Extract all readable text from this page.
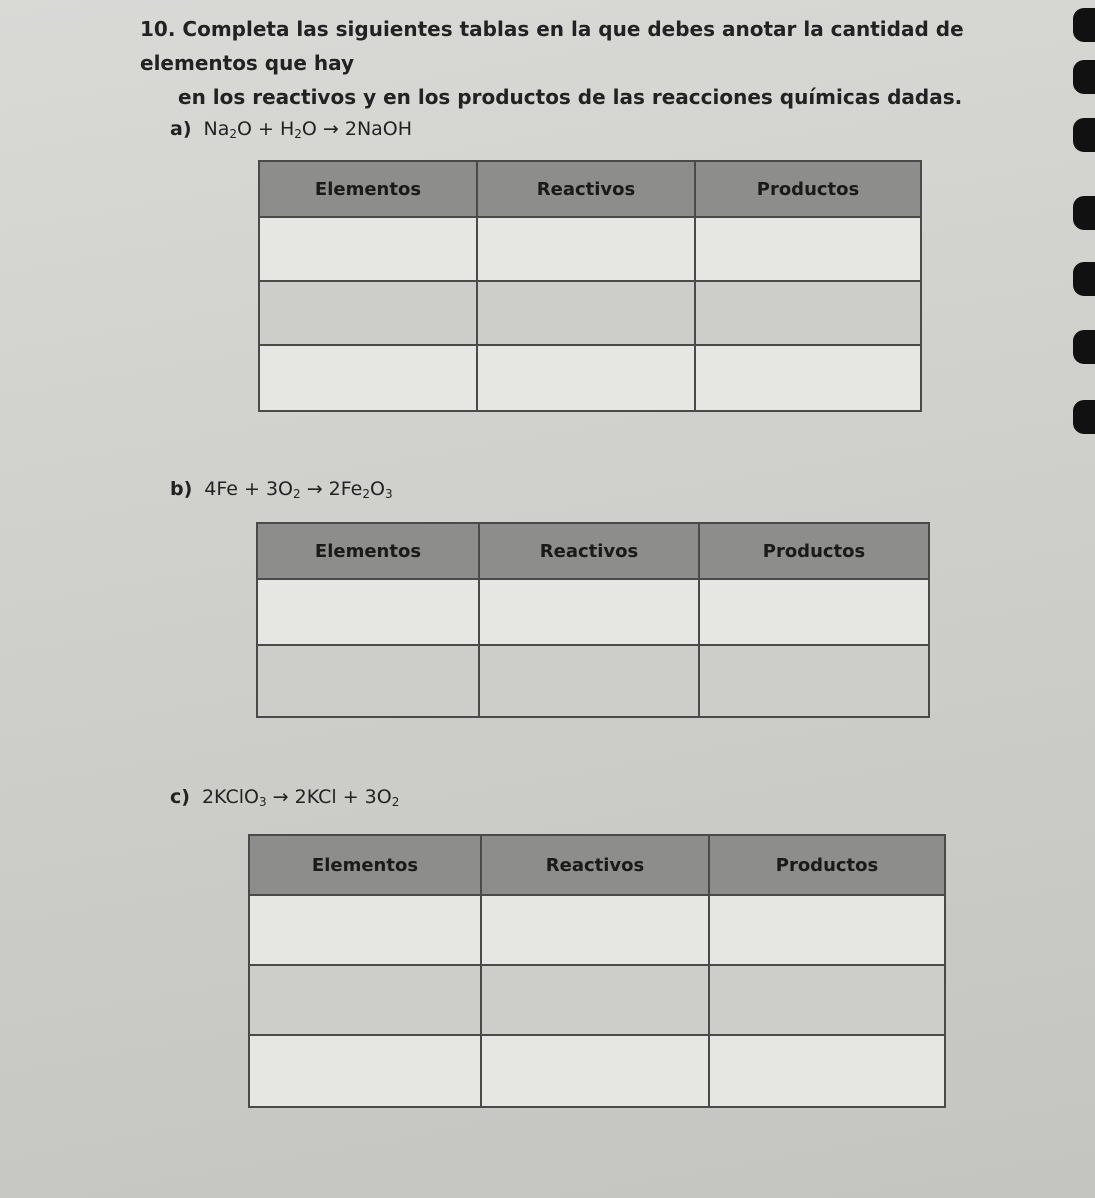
10. Completa las siguientes tablas en la que debes anotar la cantidad de elementos que hay
en los reactivos y en los productos de las reacciones químicas dadas.
a) $Na_2O + H_2O$ → 2NaOH
Elementos	Reactivos	Productos

b) $4Fe + 3O_2 \to 2Fe_2O_3$
Elementos	Reactivos	Productos

c) 2KClO$_3$ → $2KCl + 3O_2$
Elementos	Reactivos	Productos
